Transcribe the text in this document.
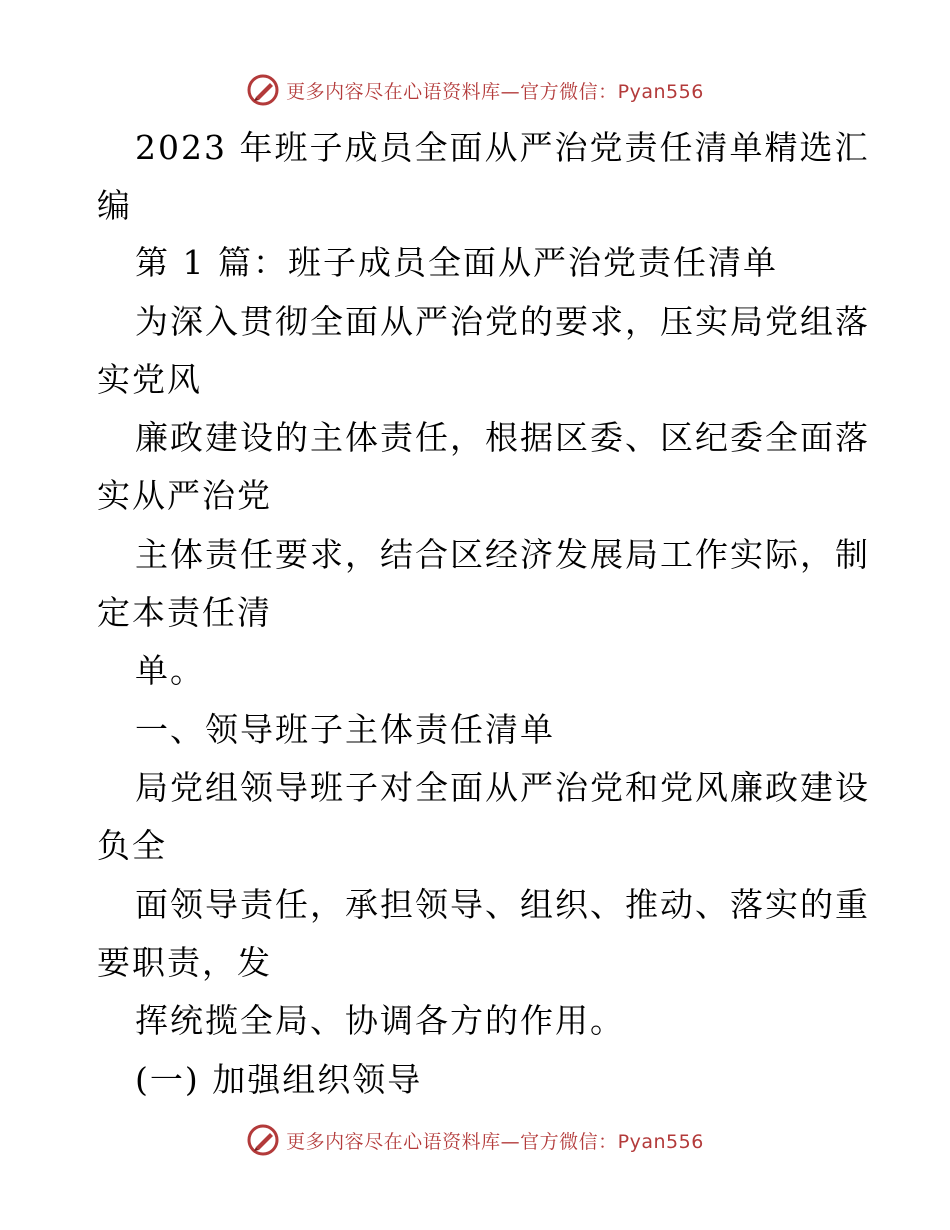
更多内容尽在心语资料库—官方微信：Pyan556
2023 年班子成员全面从严治党责任清单精选汇
编
第 1 篇：班子成员全面从严治党责任清单
为深入贯彻全面从严治党的要求，压实局党组落
实党风
廉政建设的主体责任，根据区委、区纪委全面落
实从严治党
主体责任要求，结合区经济发展局工作实际，制
定本责任清
单。
一、领导班子主体责任清单
局党组领导班子对全面从严治党和党风廉政建设
负全
面领导责任，承担领导、组织、推动、落实的重
要职责，发
挥统揽全局、协调各方的作用。
(一) 加强组织领导
更多内容尽在心语资料库—官方微信：Pyan556
